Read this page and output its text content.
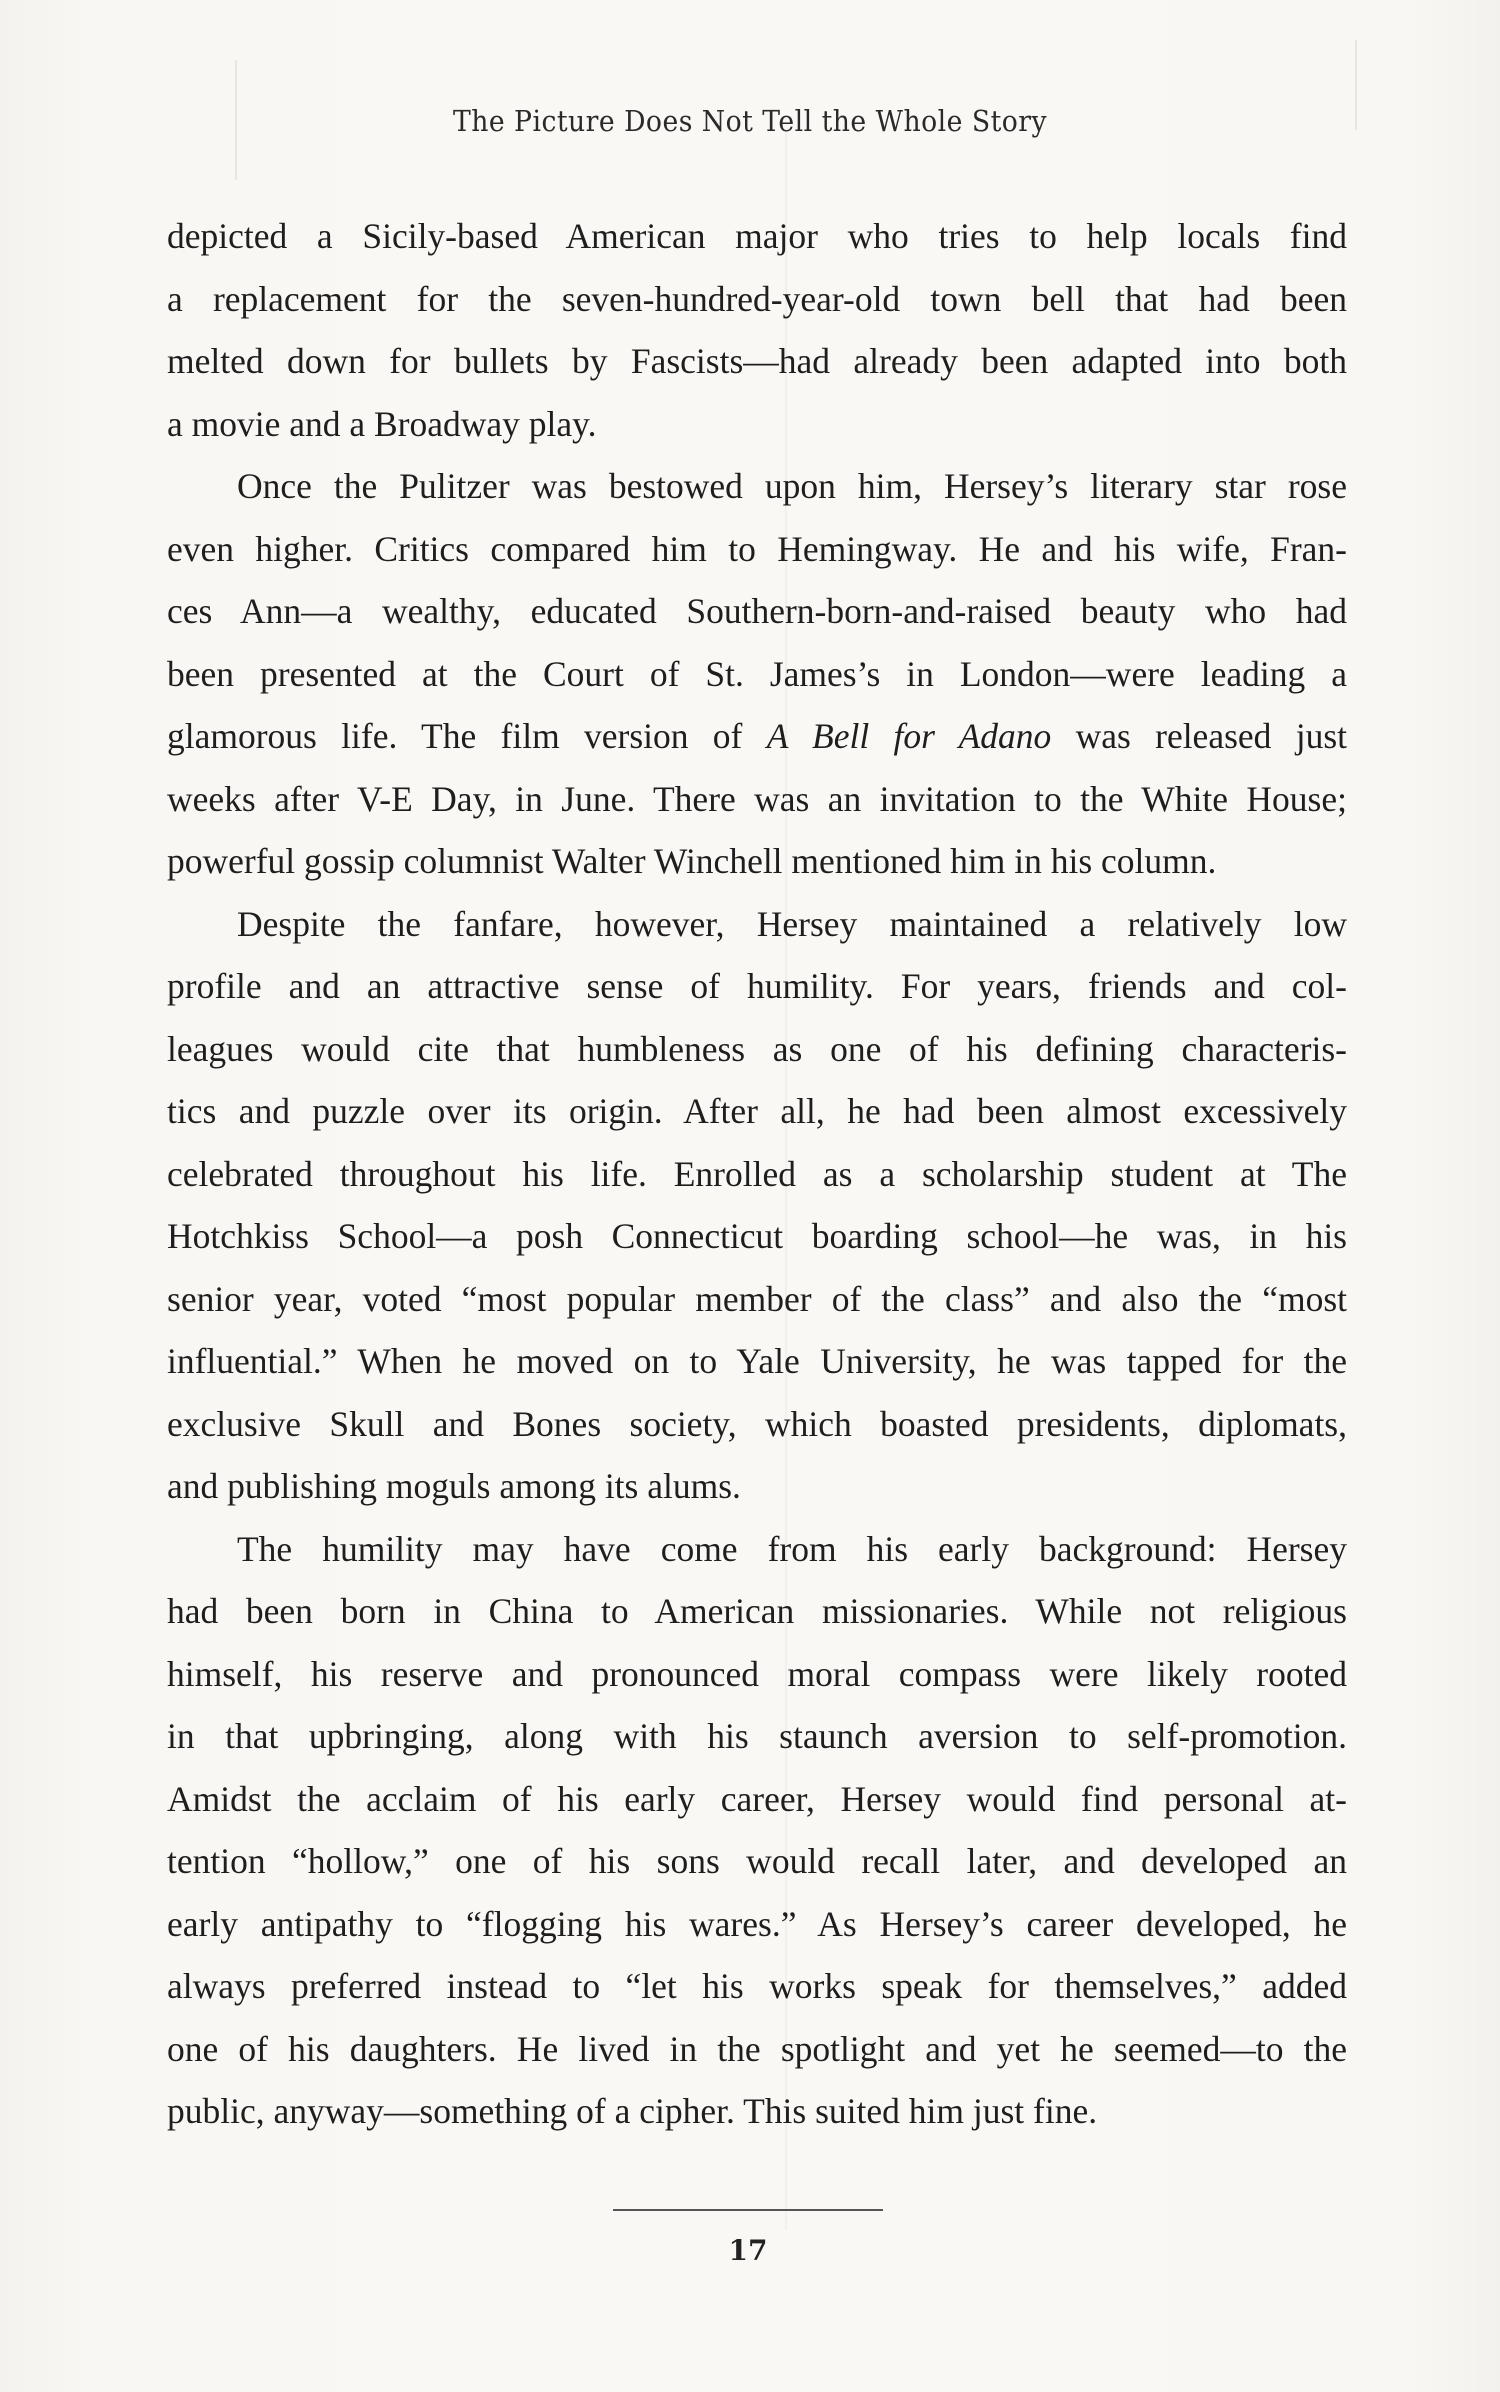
The Picture Does Not Tell the Whole Story
depicted a Sicily-based American major who tries to help locals find
a replacement for the seven-hundred-year-old town bell that had been
melted down for bullets by Fascists—had already been adapted into both
a movie and a Broadway play.
Once the Pulitzer was bestowed upon him, Hersey’s literary star rose
even higher. Critics compared him to Hemingway. He and his wife, Fran-
ces Ann—a wealthy, educated Southern-born-and-raised beauty who had
been presented at the Court of St. James’s in London—were leading a
glamorous life. The film version of A Bell for Adano was released just
weeks after V-E Day, in June. There was an invitation to the White House;
powerful gossip columnist Walter Winchell mentioned him in his column.
Despite the fanfare, however, Hersey maintained a relatively low
profile and an attractive sense of humility. For years, friends and col-
leagues would cite that humbleness as one of his defining characteris-
tics and puzzle over its origin. After all, he had been almost excessively
celebrated throughout his life. Enrolled as a scholarship student at The
Hotchkiss School—a posh Connecticut boarding school—he was, in his
senior year, voted “most popular member of the class” and also the “most
influential.” When he moved on to Yale University, he was tapped for the
exclusive Skull and Bones society, which boasted presidents, diplomats,
and publishing moguls among its alums.
The humility may have come from his early background: Hersey
had been born in China to American missionaries. While not religious
himself, his reserve and pronounced moral compass were likely rooted
in that upbringing, along with his staunch aversion to self-promotion.
Amidst the acclaim of his early career, Hersey would find personal at-
tention “hollow,” one of his sons would recall later, and developed an
early antipathy to “flogging his wares.” As Hersey’s career developed, he
always preferred instead to “let his works speak for themselves,” added
one of his daughters. He lived in the spotlight and yet he seemed—to the
public, anyway—something of a cipher. This suited him just fine.
17
